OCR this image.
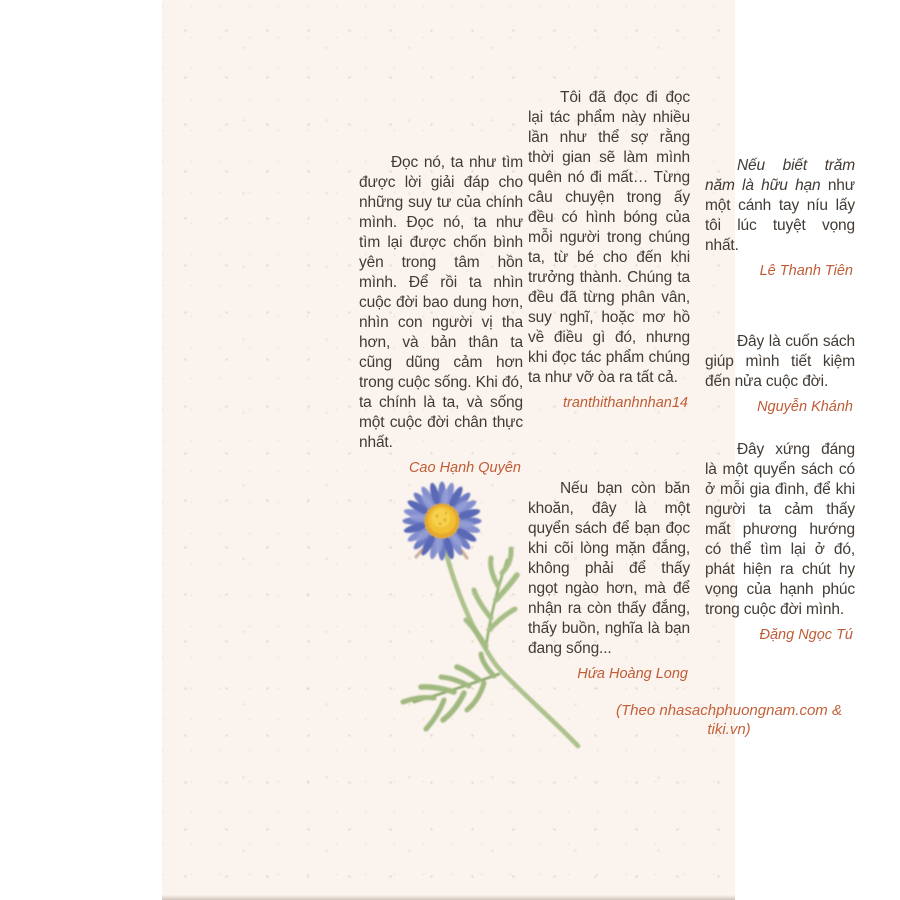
Đọc nó, ta như tìm được lời giải đáp cho những suy tư của chính mình. Đọc nó, ta như tìm lại được chốn bình yên trong tâm hồn mình. Để rồi ta nhìn cuộc đời bao dung hơn, nhìn con người vị tha hơn, và bản thân ta cũng dũng cảm hơn trong cuộc sống. Khi đó, ta chính là ta, và sống một cuộc đời chân thực nhất.

Cao Hạnh Quyên

Tôi đã đọc đi đọc lại tác phẩm này nhiều lần như thể sợ rằng thời gian sẽ làm mình quên nó đi mất… Từng câu chuyện trong ấy đều có hình bóng của mỗi người trong chúng ta, từ bé cho đến khi trưởng thành. Chúng ta đều đã từng phân vân, suy nghĩ, hoặc mơ hồ về điều gì đó, nhưng khi đọc tác phẩm chúng ta như vỡ òa ra tất cả.

tranthithanhnhan14

Nếu bạn còn băn khoăn, đây là một quyển sách để bạn đọc khi cõi lòng mặn đắng, không phải để thấy ngọt ngào hơn, mà để nhận ra còn thấy đắng, thấy buồn, nghĩa là bạn đang sống...

Hứa Hoàng Long

Nếu biết trăm năm là hữu hạn như một cánh tay níu lấy tôi lúc tuyệt vọng nhất.

Lê Thanh Tiên

Đây là cuốn sách giúp mình tiết kiệm đến nửa cuộc đời.

Nguyễn Khánh

Đây xứng đáng là một quyển sách có ở mỗi gia đình, để khi người ta cảm thấy mất phương hướng có thể tìm lại ở đó, phát hiện ra chút hy vọng của hạnh phúc trong cuộc đời mình.

Đặng Ngọc Tú
(Theo nhasachphuongnam.com & tiki.vn)
